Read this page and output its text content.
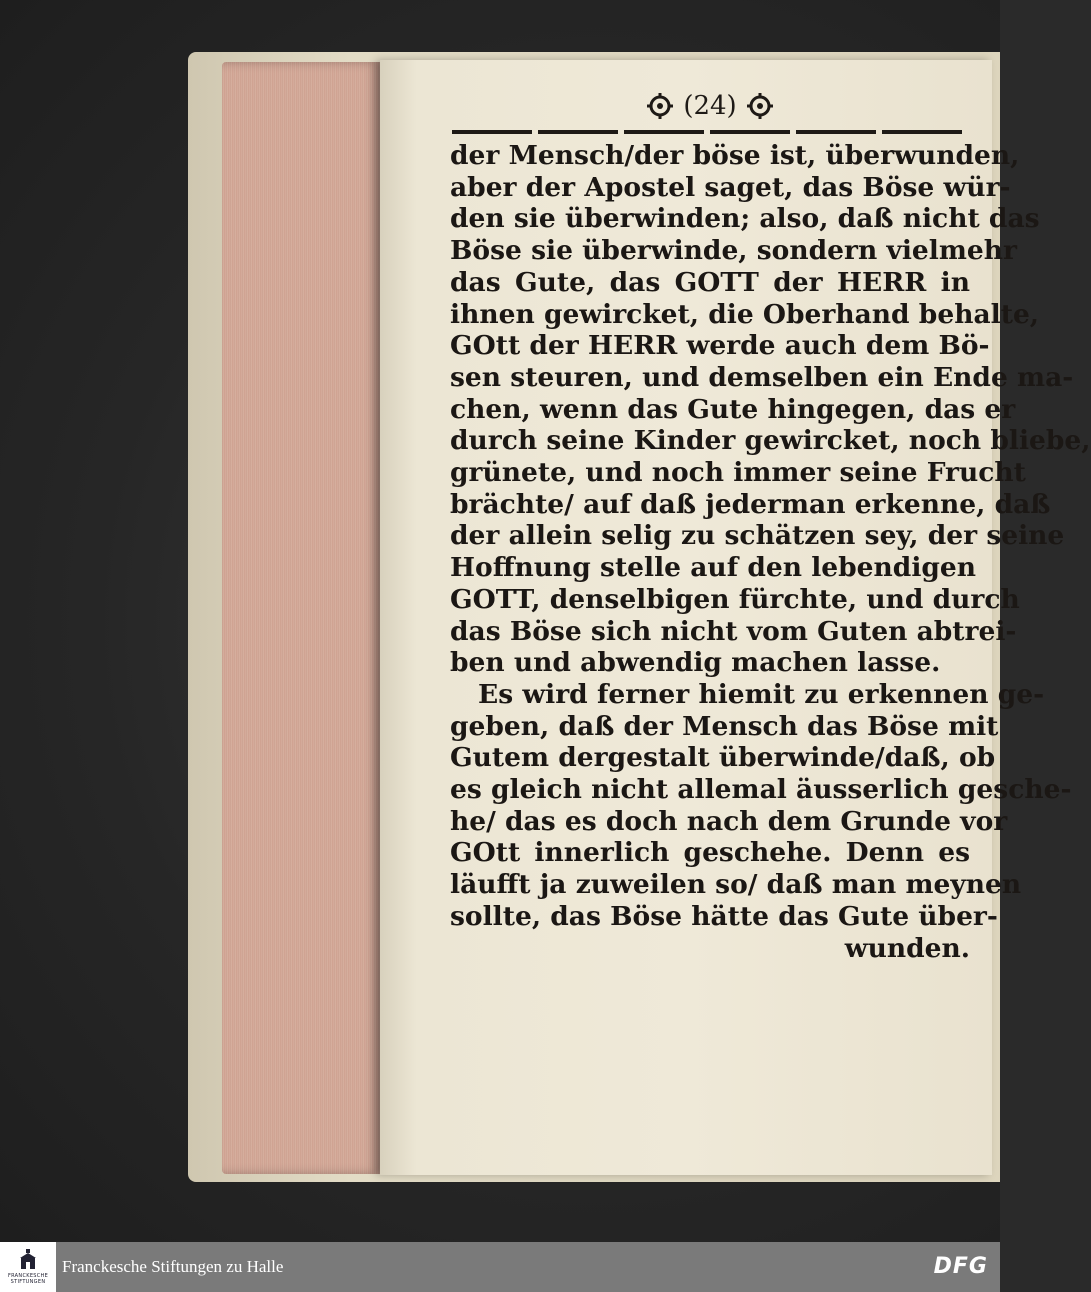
(24)
der Mensch/der böse ist, überwunden,
aber der Apostel saget, das Böse wür-
den sie überwinden; also, daß nicht das
Böse sie überwinde, sondern vielmehr
das Gute, das GOTT der HERR in
ihnen gewircket, die Oberhand behalte,
GOtt der HERR werde auch dem Bö-
sen steuren, und demselben ein Ende ma-
chen, wenn das Gute hingegen, das er
durch seine Kinder gewircket, noch bliebe,
grünete, und noch immer seine Frucht
brächte/ auf daß jederman erkenne, daß
der allein selig zu schätzen sey, der seine
Hoffnung stelle auf den lebendigen
GOTT, denselbigen fürchte, und durch
das Böse sich nicht vom Guten abtrei-
ben und abwendig machen lasse.
Es wird ferner hiemit zu erkennen ge-
geben, daß der Mensch das Böse mit
Gutem dergestalt überwinde/daß, ob
es gleich nicht allemal äusserlich gesche-
he/ das es doch nach dem Grunde vor
GOtt innerlich geschehe. Denn es
läufft ja zuweilen so/ daß man meynen
sollte, das Böse hätte das Gute über-
wunden.
FRANCKESCHE
STIFTUNGEN
Franckesche Stiftungen zu Halle	DFG
